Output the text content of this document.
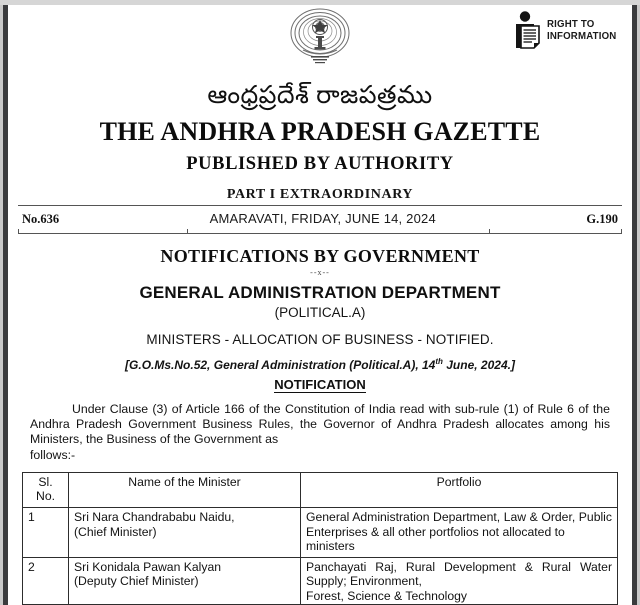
RIGHT TO
INFORMATION
ఆంధ్రప్రదేశ్ రాజపత్రము
THE ANDHRA PRADESH GAZETTE
PUBLISHED BY AUTHORITY
PART I EXTRAORDINARY
No.636	AMARAVATI, FRIDAY, JUNE 14, 2024	G.190
NOTIFICATIONS BY GOVERNMENT
--x--
GENERAL ADMINISTRATION DEPARTMENT
(POLITICAL.A)
MINISTERS - ALLOCATION OF BUSINESS - NOTIFIED.
[G.O.Ms.No.52, General Administration (Political.A), 14th June, 2024.]
NOTIFICATION
Under Clause (3) of Article 166 of the Constitution of India read with sub-rule (1) of Rule 6 of the Andhra Pradesh Government Business Rules, the Governor of Andhra Pradesh allocates among his Ministers, the Business of the Government as
follows:-
Sl.
No.	Name of the Minister	Portfolio
1	Sri Nara Chandrababu Naidu,
(Chief Minister)
	General Administration Department, Law & Order, Public Enterprises & all other portfolios not allocated to
ministers

2	Sri Konidala Pawan Kalyan
(Deputy Chief Minister)
	Panchayati Raj, Rural Development & Rural Water Supply; Environment,
Forest, Science & Technology
